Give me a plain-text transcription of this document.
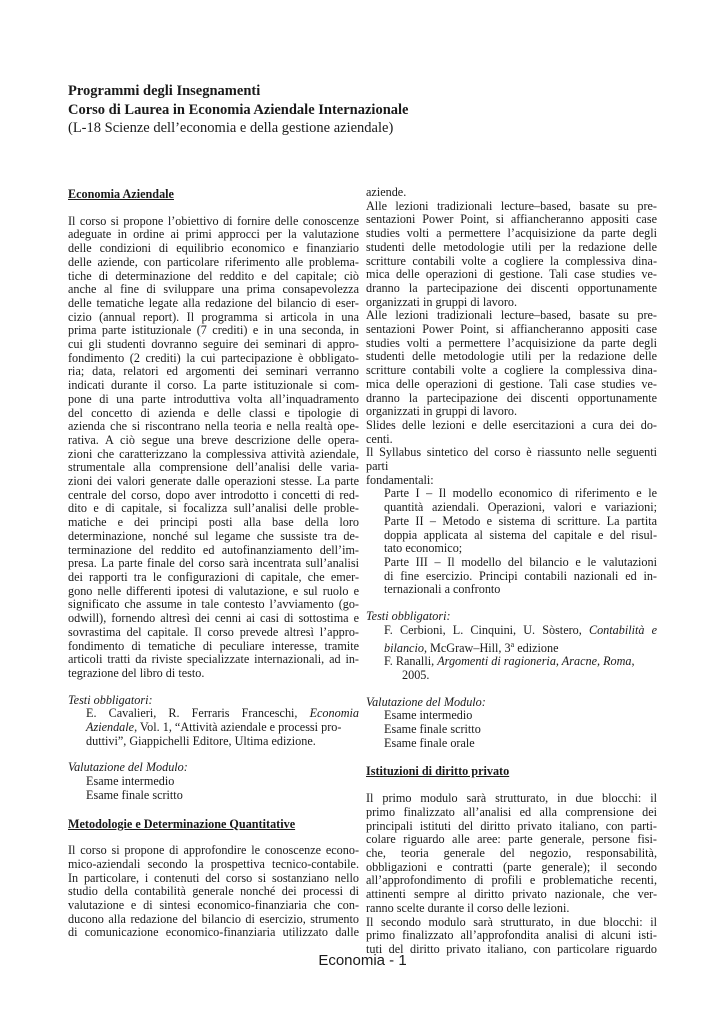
Programmi degli Insegnamenti
Corso di Laurea in Economia Aziendale Internazionale
(L-18 Scienze dell’economia e della gestione aziendale)
Economia Aziendale
Il corso si propone l’obiettivo di fornire delle conoscenze
adeguate in ordine ai primi approcci per la valutazione
delle condizioni di equilibrio economico e finanziario
delle aziende, con particolare riferimento alle problema-
tiche di determinazione del reddito e del capitale; ciò
anche al fine di sviluppare una prima consapevolezza
delle tematiche legate alla redazione del bilancio di eser-
cizio (annual report). Il programma si articola in una
prima parte istituzionale (7 crediti) e in una seconda, in
cui gli studenti dovranno seguire dei seminari di appro-
fondimento (2 crediti) la cui partecipazione è obbligato-
ria; data, relatori ed argomenti dei seminari verranno
indicati durante il corso. La parte istituzionale si com-
pone di una parte introduttiva volta all’inquadramento
del concetto di azienda e delle classi e tipologie di
azienda che si riscontrano nella teoria e nella realtà ope-
rativa. A ciò segue una breve descrizione delle opera-
zioni che caratterizzano la complessiva attività aziendale,
strumentale alla comprensione dell’analisi delle varia-
zioni dei valori generate dalle operazioni stesse. La parte
centrale del corso, dopo aver introdotto i concetti di red-
dito e di capitale, si focalizza sull’analisi delle proble-
matiche e dei principi posti alla base della loro
determinazione, nonché sul legame che sussiste tra de-
terminazione del reddito ed autofinanziamento dell’im-
presa. La parte finale del corso sarà incentrata sull’analisi
dei rapporti tra le configurazioni di capitale, che emer-
gono nelle differenti ipotesi di valutazione, e sul ruolo e
significato che assume in tale contesto l’avviamento (go-
odwill), fornendo altresì dei cenni ai casi di sottostima e
sovrastima del capitale. Il corso prevede altresì l’appro-
fondimento di tematiche di peculiare interesse, tramite
articoli tratti da riviste specializzate internazionali, ad in-
tegrazione del libro di testo.
Testi obbligatori:
E. Cavalieri, R. Ferraris Franceschi, Economia
Aziendale, Vol. 1, “Attività aziendale e processi pro-
duttivi”, Giappichelli Editore, Ultima edizione.
Valutazione del Modulo:
Esame intermedio
Esame finale scritto
Metodologie e Determinazione Quantitative
Il corso si propone di approfondire le conoscenze econo-
mico-aziendali secondo la prospettiva tecnico-contabile.
In particolare, i contenuti del corso si sostanziano nello
studio della contabilità generale nonché dei processi di
valutazione e di sintesi economico-finanziaria che con-
ducono alla redazione del bilancio di esercizio, strumento
di comunicazione economico-finanziaria utilizzato dalle
aziende.
Alle lezioni tradizionali lecture–based, basate su pre-
sentazioni Power Point, si affiancheranno appositi case
studies volti a permettere l’acquisizione da parte degli
studenti delle metodologie utili per la redazione delle
scritture contabili volte a cogliere la complessiva dina-
mica delle operazioni di gestione. Tali case studies ve-
dranno la partecipazione dei discenti opportunamente
organizzati in gruppi di lavoro.
Alle lezioni tradizionali lecture–based, basate su pre-
sentazioni Power Point, si affiancheranno appositi case
studies volti a permettere l’acquisizione da parte degli
studenti delle metodologie utili per la redazione delle
scritture contabili volte a cogliere la complessiva dina-
mica delle operazioni di gestione. Tali case studies ve-
dranno la partecipazione dei discenti opportunamente
organizzati in gruppi di lavoro.
Slides delle lezioni e delle esercitazioni a cura dei do-
centi.
Il Syllabus sintetico del corso è riassunto nelle seguenti parti
fondamentali:
Parte I – Il modello economico di riferimento e le
quantità aziendali. Operazioni, valori e variazioni;
Parte II – Metodo e sistema di scritture. La partita
doppia applicata al sistema del capitale e del risul-
tato economico;
Parte III – Il modello del bilancio e le valutazioni
di fine esercizio. Principi contabili nazionali ed in-
ternazionali a confronto
Testi obbligatori:
F. Cerbioni, L. Cinquini, U. Sòstero, Contabilità e
bilancio, McGraw–Hill, 3$^a$ edizione
F. Ranalli, Argomenti di ragioneria, Aracne, Roma,
2005.
Valutazione del Modulo:
Esame intermedio
Esame finale scritto
Esame finale orale
Istituzioni di diritto privato
Il primo modulo sarà strutturato, in due blocchi: il
primo finalizzato all’analisi ed alla comprensione dei
principali istituti del diritto privato italiano, con parti-
colare riguardo alle aree: parte generale, persone fisi-
che, teoria generale del negozio, responsabilità,
obbligazioni e contratti (parte generale); il secondo
all’approfondimento di profili e problematiche recenti,
attinenti sempre al diritto privato nazionale, che ver-
ranno scelte durante il corso delle lezioni.
Il secondo modulo sarà strutturato, in due blocchi: il
primo finalizzato all’approfondita analisi di alcuni isti-
tuti del diritto privato italiano, con particolare riguardo
Economia - 1
